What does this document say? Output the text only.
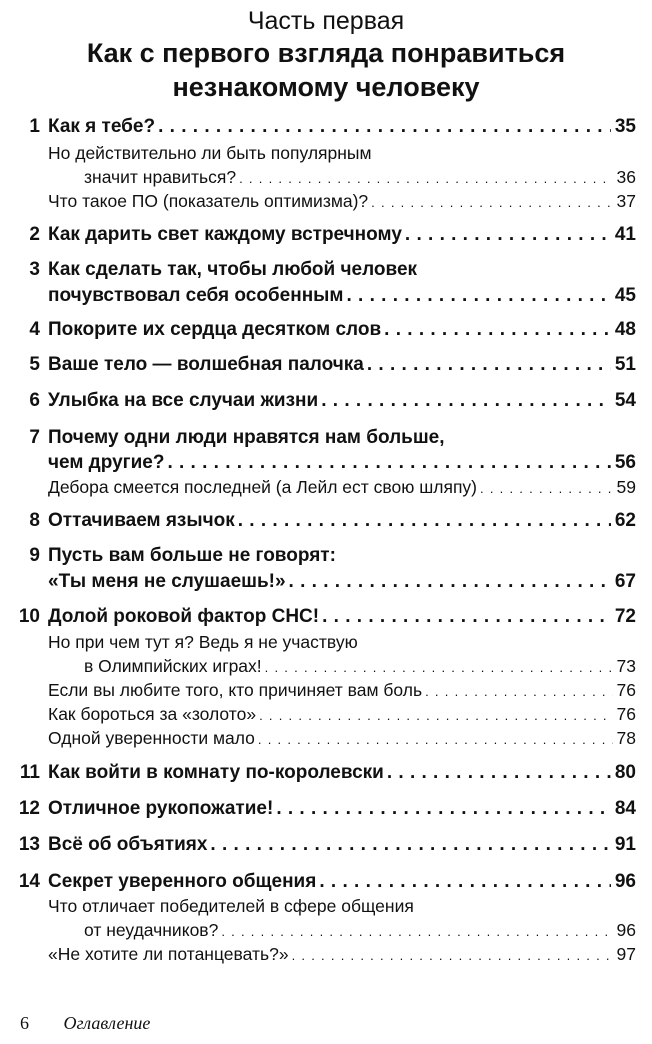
Часть первая
Как с первого взгляда понравиться
незнакомому человеку
1 Как я тебе? . . .	35
Но действительно ли быть популярным
значит нравиться? . . .	36
Что такое ПО (показатель оптимизма)? . . .	37
2 Как дарить свет каждому встречному . . .	41
3 Как сделать так, чтобы любой человек
почувствовал себя особенным . . .	45
4 Покорите их сердца десятком слов . . .	48
5 Ваше тело — волшебная палочка . . .	51
6 Улыбка на все случаи жизни . . .	54
7 Почему одни люди нравятся нам больше,
чем другие? . . .	56
Дебора смеется последней (а Лейл ест свою шляпу) . . .	59
8 Оттачиваем язычок . . .	62
9 Пусть вам больше не говорят:
«Ты меня не слушаешь!» . . .	67
10 Долой роковой фактор СНС! . . .	72
Но при чем тут я? Ведь я не участвую
в Олимпийских играх! . . .	73
Если вы любите того, кто причиняет вам боль . . .	76
Как бороться за «золото» . . .	76
Одной уверенности мало . . .	78
11 Как войти в комнату по-королевски . . .	80
12 Отличное рукопожатие! . . .	84
13 Всё об объятиях . . .	91
14 Секрет уверенного общения . . .	96
Что отличает победителей в сфере общения
от неудачников? . . .	96
«Не хотите ли потанцевать?» . . .	97
6 Оглавление
